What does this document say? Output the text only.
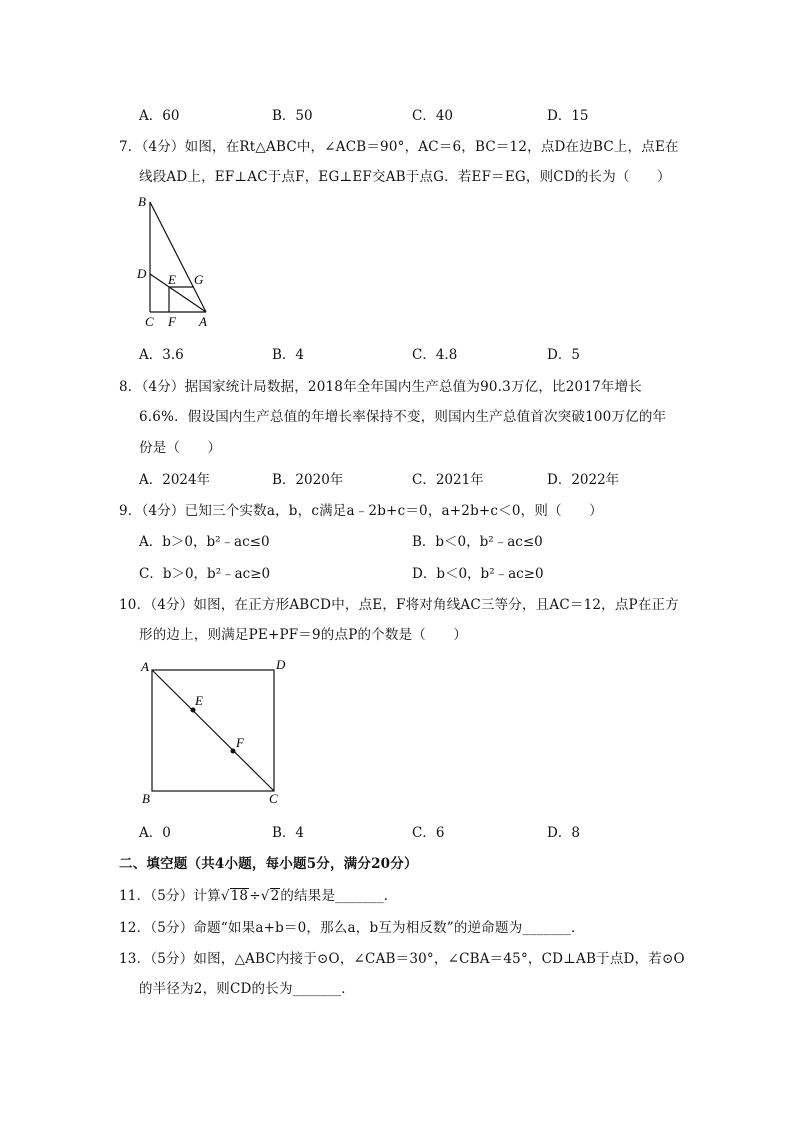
A．60	B．50	C．40	D．15
7．（4分）如图，在Rt△ABC中，∠ACB＝90°，AC＝6，BC＝12，点D在边BC上，点E在
线段AD上，EF⊥AC于点F，EG⊥EF交AB于点G．若EF＝EG，则CD的长为（　　）
B
D E G
C F A
A．3.6	B．4	C．4.8	D．5
8．（4分）据国家统计局数据，2018年全年国内生产总值为90.3万亿，比2017年增长
6.6%．假设国内生产总值的年增长率保持不变，则国内生产总值首次突破100万亿的年
份是（　　）
A．2024年	B．2020年	C．2021年	D．2022年
9．（4分）已知三个实数a，b，c满足a﹣2b+c＝0，a+2b+c＜0，则（　　）
A．b＞0，b²﹣ac≤0	B．b＜0，b²﹣ac≤0
C．b＞0，b²﹣ac≥0	D．b＜0，b²﹣ac≥0
10．（4分）如图，在正方形ABCD中，点E，F将对角线AC三等分，且AC＝12，点P在正方
形的边上，则满足PE+PF＝9的点P的个数是（　　）
A	D
E
F
B	C
A．0	B．4	C．6	D．8
二、填空题（共4小题，每小题5分，满分20分）
11．（5分）计算√18÷√2的结果是_______．
12．（5分）命题“如果a+b＝0，那么a，b互为相反数”的逆命题为_______．
13．（5分）如图，△ABC内接于⊙O，∠CAB＝30°，∠CBA＝45°，CD⊥AB于点D，若⊙O
的半径为2，则CD的长为_______．
